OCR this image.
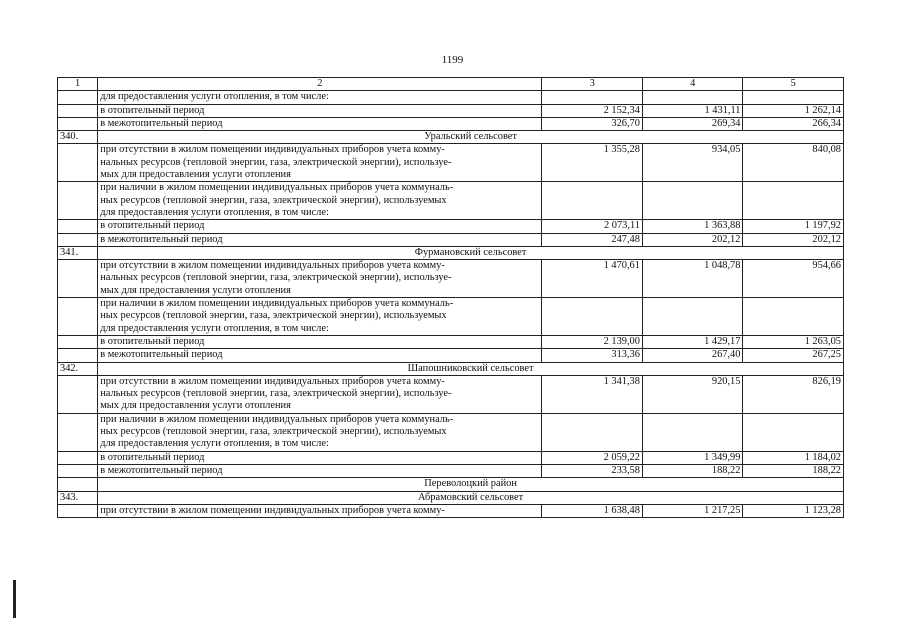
1199
1	2	3	4	5
	для предоставления услуги отопления, в том числе:			
	в отопительный период	2 152,34	1 431,11	1 262,14
	в межотопительный период	326,70	269,34	266,34
340.	Уральский сельсовет			

	при отсутствии в жилом помещении индивидуальных приборов учета комму-
нальных ресурсов (тепловой энергии, газа, электрической энергии), используе-
мых для предоставления услуги отопления	1 355,28	934,05	840,08

	при наличии в жилом помещении индивидуальных приборов учета коммуналь-
ных ресурсов (тепловой энергии, газа, электрической энергии), используемых
для предоставления услуги отопления, в том числе:			

	в отопительный период	2 073,11	1 363,88	1 197,92
	в межотопительный период	247,48	202,12	202,12
341.	Фурмановский сельсовет			

	при отсутствии в жилом помещении индивидуальных приборов учета комму-
нальных ресурсов (тепловой энергии, газа, электрической энергии), используе-
мых для предоставления услуги отопления	1 470,61	1 048,78	954,66

	при наличии в жилом помещении индивидуальных приборов учета коммуналь-
ных ресурсов (тепловой энергии, газа, электрической энергии), используемых
для предоставления услуги отопления, в том числе:			

	в отопительный период	2 139,00	1 429,17	1 263,05
	в межотопительный период	313,36	267,40	267,25
342.	Шапошниковский сельсовет			

	при отсутствии в жилом помещении индивидуальных приборов учета комму-
нальных ресурсов (тепловой энергии, газа, электрической энергии), используе-
мых для предоставления услуги отопления	1 341,38	920,15	826,19

	при наличии в жилом помещении индивидуальных приборов учета коммуналь-
ных ресурсов (тепловой энергии, газа, электрической энергии), используемых
для предоставления услуги отопления, в том числе:			

	в отопительный период	2 059,22	1 349,99	1 184,02
	в межотопительный период	233,58	188,22	188,22
	Переволоцкий район			
343.	Абрамовский сельсовет			
	при отсутствии в жилом помещении индивидуальных приборов учета комму-	1 638,48	1 217,25	1 123,28
